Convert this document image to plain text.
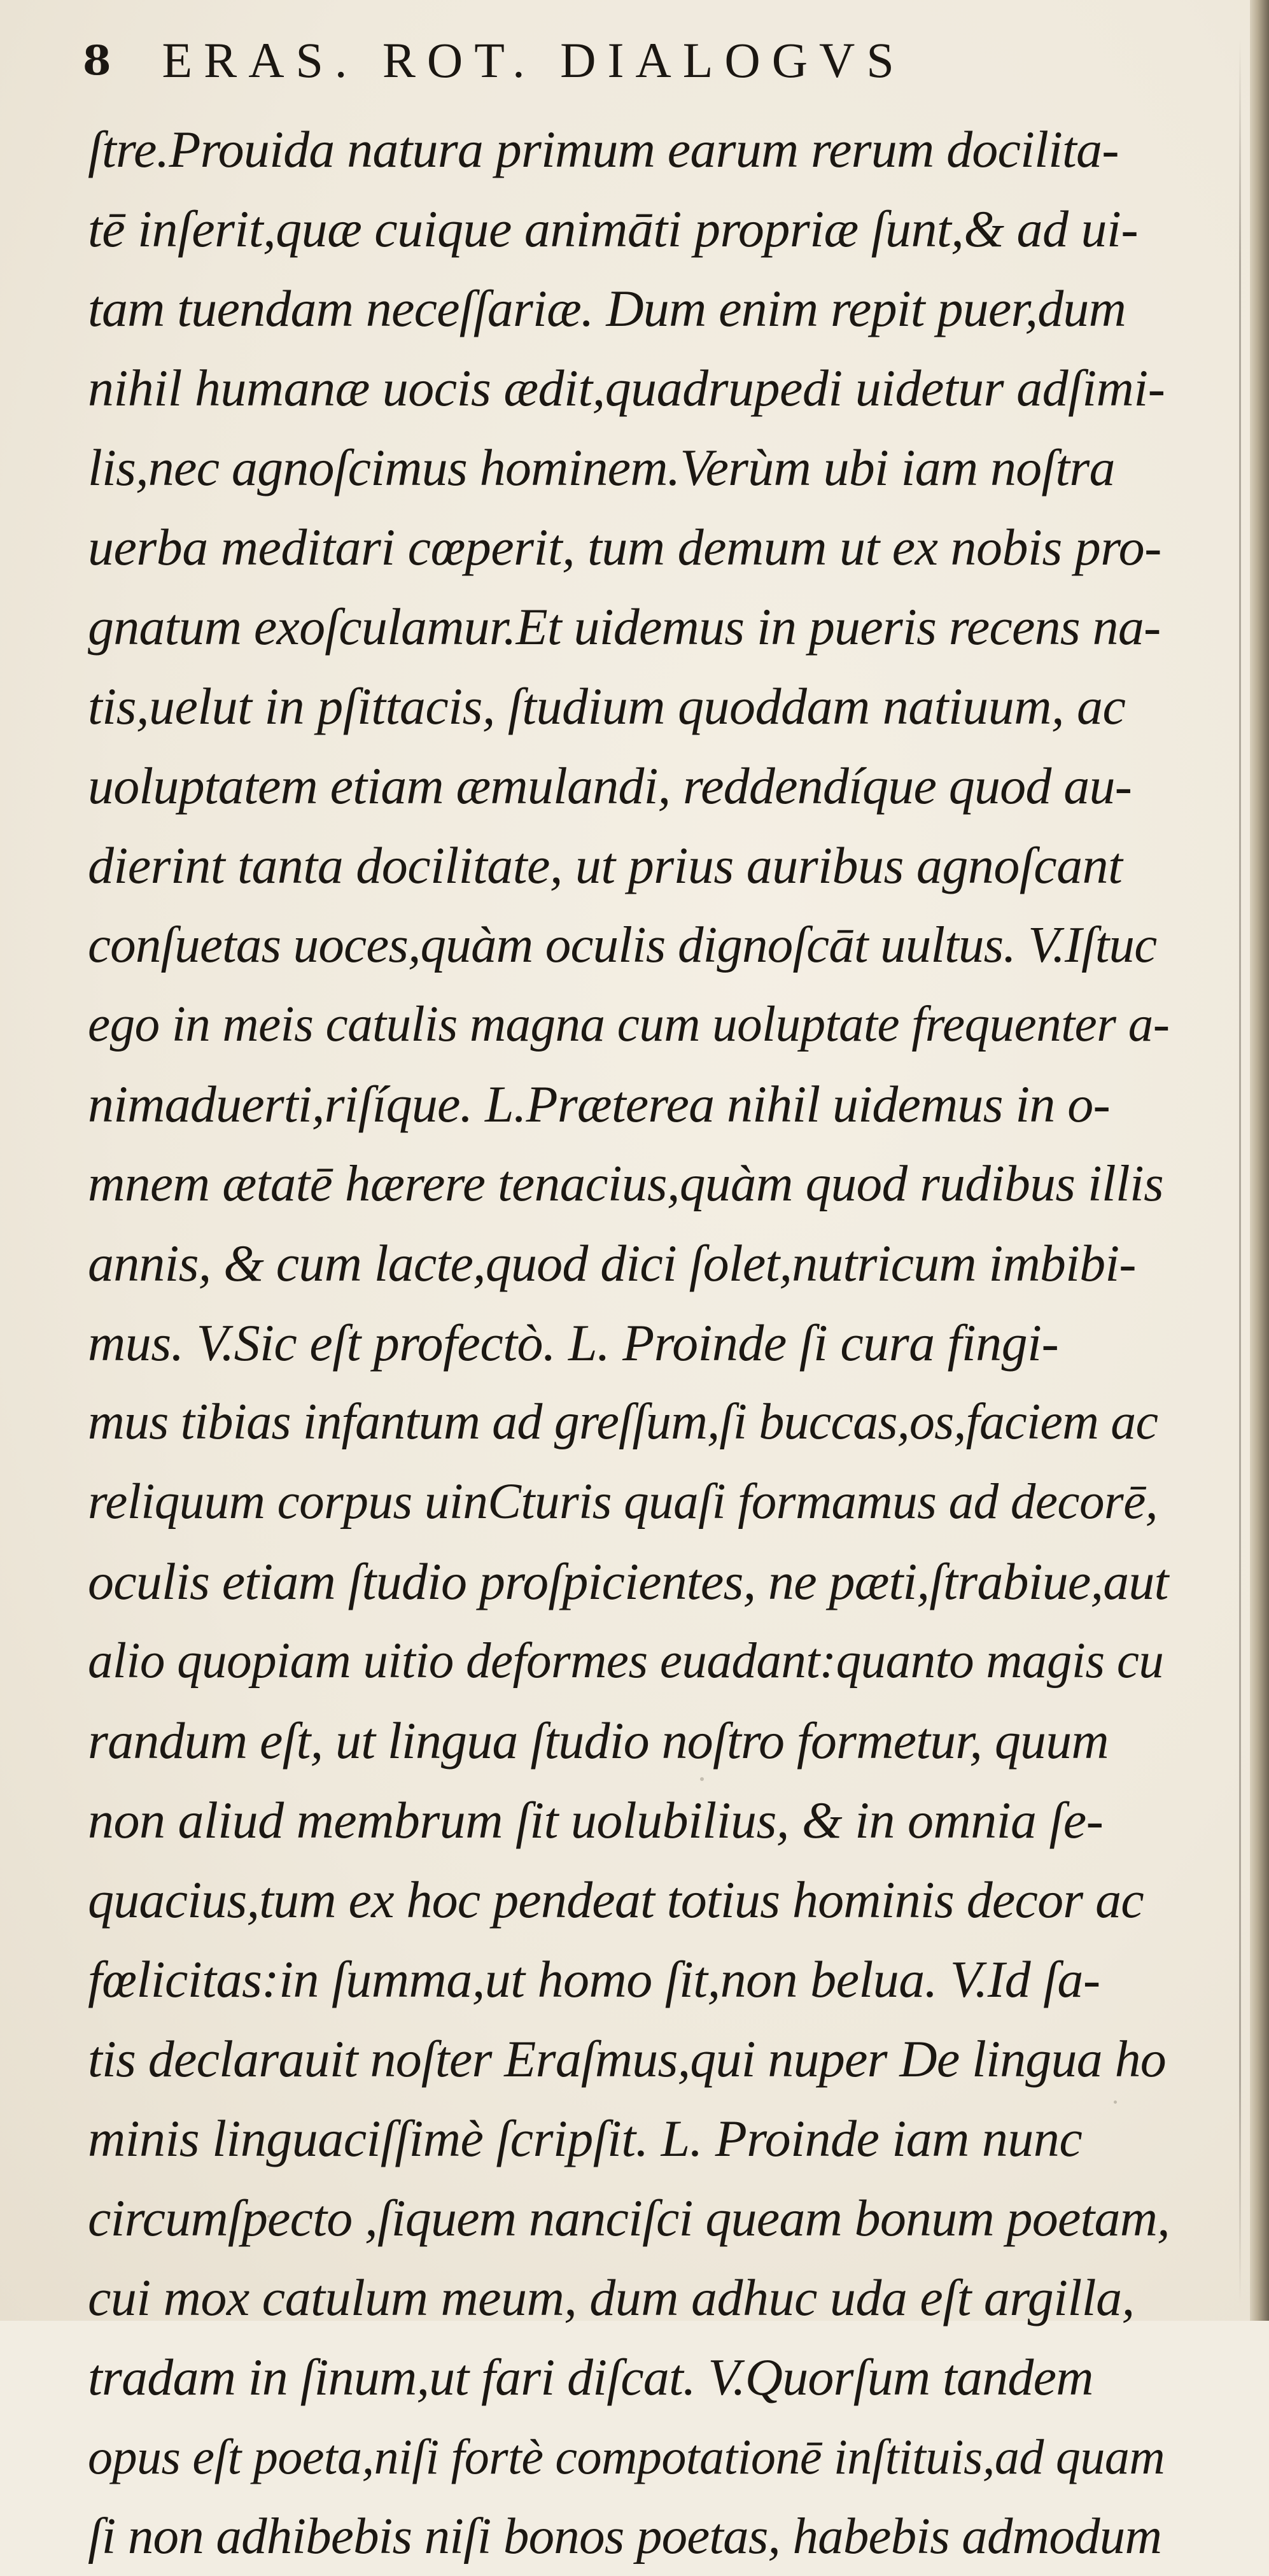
8 ERAS. ROT. DIALOGVS
ſtre.Prouida natura primum earum rerum docilita-
tē inſerit,quæ cuique animāti propriæ ſunt,& ad ui-
tam tuendam neceſſariæ. Dum enim repit puer,dum
nihil humanæ uocis ædit,quadrupedi uidetur adſimi-
lis,nec agnoſcimus hominem.Verùm ubi iam noſtra
uerba meditari cœperit, tum demum ut ex nobis pro-
gnatum exoſculamur.Et uidemus in pueris recens na-
tis,uelut in pſittacis, ſtudium quoddam natiuum, ac
uoluptatem etiam æmulandi, reddendíque quod au-
dierint tanta docilitate, ut prius auribus agnoſcant
conſuetas uoces,quàm oculis dignoſcāt uultus. V.Iſtuc
ego in meis catulis magna cum uoluptate frequenter a-
nimaduerti,riſíque. L.Præterea nihil uidemus in o-
mnem ætatē hærere tenacius,quàm quod rudibus illis
annis, & cum lacte,quod dici ſolet,nutricum imbibi-
mus. V.Sic eſt profectò. L. Proinde ſi cura fingi-
mus tibias infantum ad greſſum,ſi buccas,os,faciem ac
reliquum corpus uinCturis quaſi formamus ad decorē,
oculis etiam ſtudio proſpicientes, ne pæti,ſtrabiue,aut
alio quopiam uitio deformes euadant:quanto magis cu
randum eſt, ut lingua ſtudio noſtro formetur, quum
non aliud membrum ſit uolubilius, & in omnia ſe-
quacius,tum ex hoc pendeat totius hominis decor ac
fœlicitas:in ſumma,ut homo ſit,non belua. V.Id ſa-
tis declarauit noſter Eraſmus,qui nuper De lingua ho
minis linguaciſſimè ſcripſit. L. Proinde iam nunc
circumſpecto ,ſiquem nanciſci queam bonum poetam,
cui mox catulum meum, dum adhuc uda eſt argilla,
tradam in ſinum,ut fari diſcat. V.Quorſum tandem
opus eſt poeta,niſi fortè compotationē inſtituis,ad quam
ſi non adhibebis niſi bonos poetas, habebis admodum
